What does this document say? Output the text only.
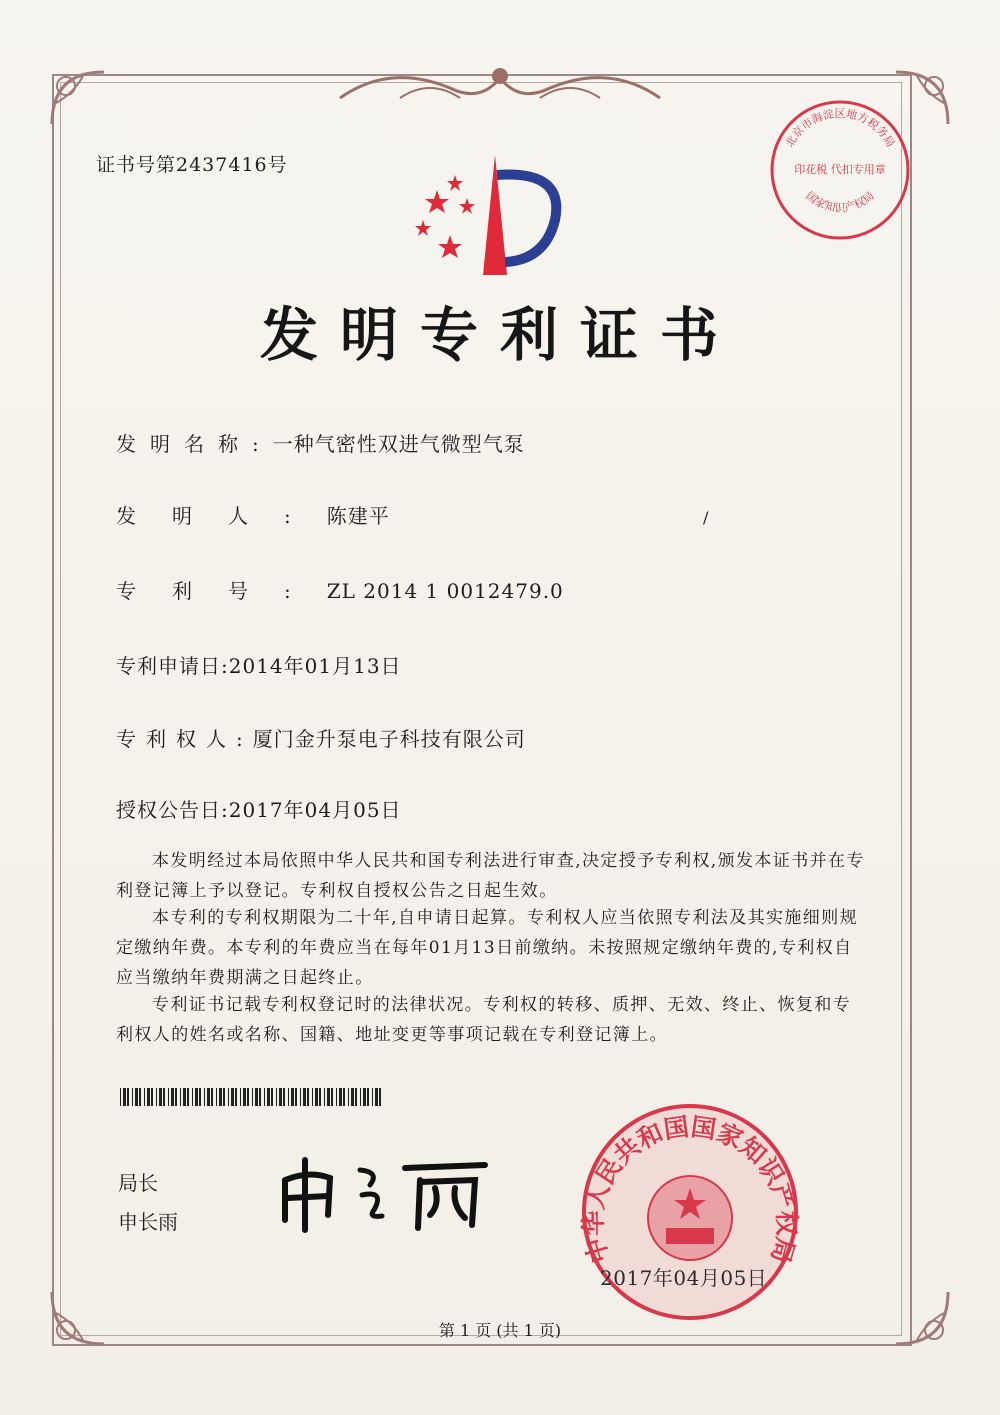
证书号第2437416号
北京市海淀区地方税务局
印花税 代扣专用章
国家知识产权局
发明专利证书
发明名称:一种气密性双进气微型气泵
发明人:陈建平	/
专利号:ZL 2014 1 0012479.0
专利申请日:2014年01月13日
专利权人:厦门金升泵电子科技有限公司
授权公告日:2017年04月05日
本发明经过本局依照中华人民共和国专利法进行审查,决定授予专利权,颁发本证书并在专利登记簿上予以登记。专利权自授权公告之日起生效。
本专利的专利权期限为二十年,自申请日起算。专利权人应当依照专利法及其实施细则规定缴纳年费。本专利的年费应当在每年01月13日前缴纳。未按照规定缴纳年费的,专利权自应当缴纳年费期满之日起终止。
专利证书记载专利权登记时的法律状况。专利权的转移、质押、无效、终止、恢复和专利权人的姓名或名称、国籍、地址变更等事项记载在专利登记簿上。
局长
申长雨
中华人民共和国国家知识产权局
2017年04月05日
第 1 页 (共 1 页)
